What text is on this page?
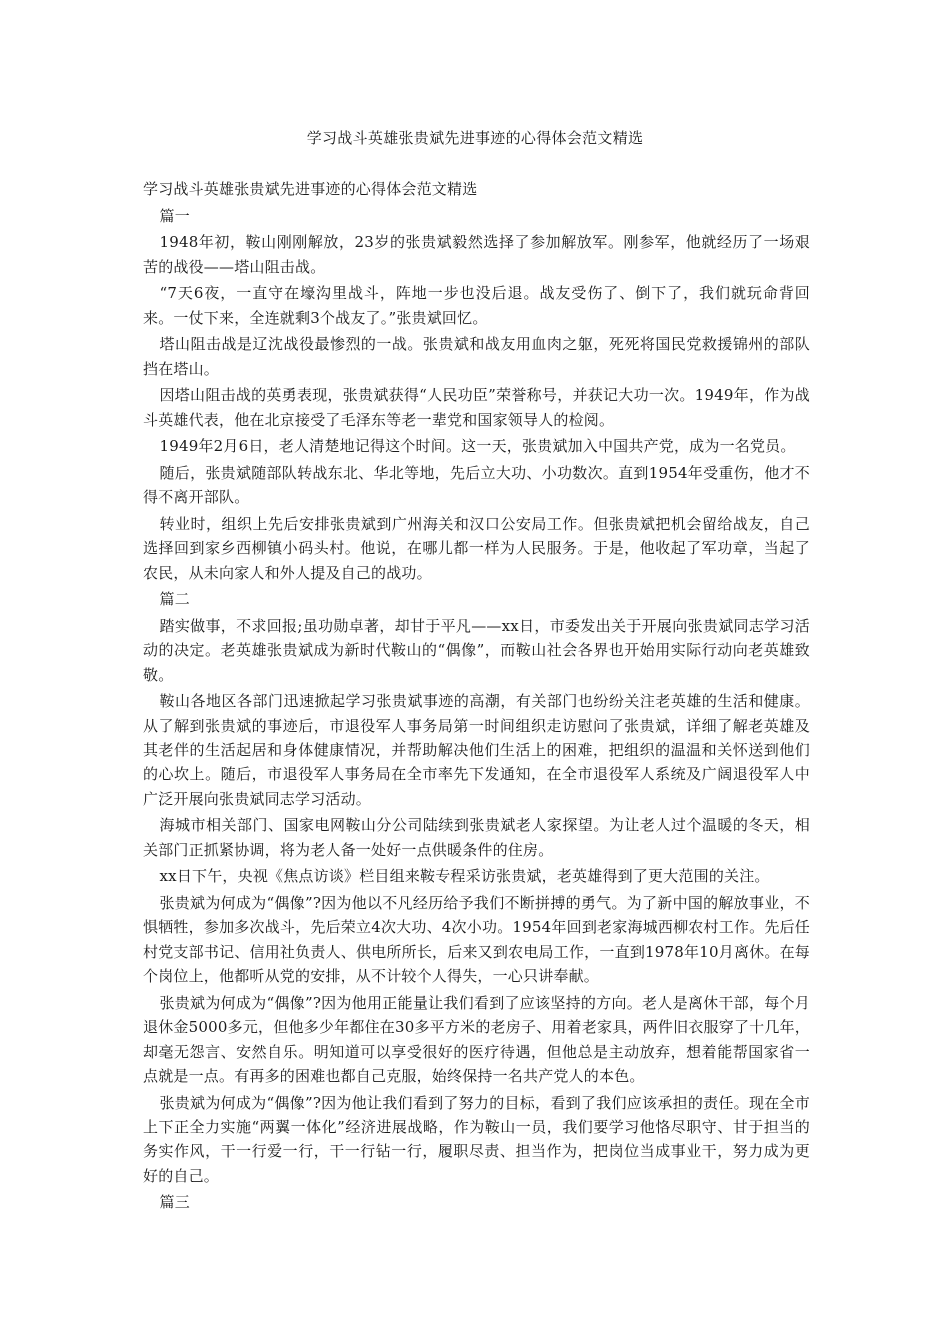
学习战斗英雄张贵斌先进事迹的心得体会范文精选

学习战斗英雄张贵斌先进事迹的心得体会范文精选

篇一

1948年初，鞍山刚刚解放，23岁的张贵斌毅然选择了参加解放军。刚参军，他就经历了一场艰苦的战役——塔山阻击战。

“7天6夜，一直守在壕沟里战斗，阵地一步也没后退。战友受伤了、倒下了，我们就玩命背回来。一仗下来，全连就剩3个战友了。”张贵斌回忆。

塔山阻击战是辽沈战役最惨烈的一战。张贵斌和战友用血肉之躯，死死将国民党救援锦州的部队挡在塔山。

因塔山阻击战的英勇表现，张贵斌获得“人民功臣”荣誉称号，并获记大功一次。1949年，作为战斗英雄代表，他在北京接受了毛泽东等老一辈党和国家领导人的检阅。

1949年2月6日，老人清楚地记得这个时间。这一天，张贵斌加入中国共产党，成为一名党员。

随后，张贵斌随部队转战东北、华北等地，先后立大功、小功数次。直到1954年受重伤，他才不得不离开部队。

转业时，组织上先后安排张贵斌到广州海关和汉口公安局工作。但张贵斌把机会留给战友，自己选择回到家乡西柳镇小码头村。他说，在哪儿都一样为人民服务。于是，他收起了军功章，当起了农民，从未向家人和外人提及自己的战功。

篇二

踏实做事，不求回报;虽功勋卓著，却甘于平凡——xx日，市委发出关于开展向张贵斌同志学习活动的决定。老英雄张贵斌成为新时代鞍山的“偶像”，而鞍山社会各界也开始用实际行动向老英雄致敬。

鞍山各地区各部门迅速掀起学习张贵斌事迹的高潮，有关部门也纷纷关注老英雄的生活和健康。从了解到张贵斌的事迹后，市退役军人事务局第一时间组织走访慰问了张贵斌，详细了解老英雄及其老伴的生活起居和身体健康情况，并帮助解决他们生活上的困难，把组织的温温和关怀送到他们的心坎上。随后，市退役军人事务局在全市率先下发通知，在全市退役军人系统及广阔退役军人中广泛开展向张贵斌同志学习活动。

海城市相关部门、国家电网鞍山分公司陆续到张贵斌老人家探望。为让老人过个温暖的冬天，相关部门正抓紧协调，将为老人备一处好一点供暖条件的住房。

xx日下午，央视《焦点访谈》栏目组来鞍专程采访张贵斌，老英雄得到了更大范围的关注。

张贵斌为何成为“偶像”?因为他以不凡经历给予我们不断拼搏的勇气。为了新中国的解放事业，不惧牺牲，参加多次战斗，先后荣立4次大功、4次小功。1954年回到老家海城西柳农村工作。先后任村党支部书记、信用社负责人、供电所所长，后来又到农电局工作，一直到1978年10月离休。在每个岗位上，他都听从党的安排，从不计较个人得失，一心只讲奉献。

张贵斌为何成为“偶像”?因为他用正能量让我们看到了应该坚持的方向。老人是离休干部，每个月退休金5000多元，但他多少年都住在30多平方米的老房子、用着老家具，两件旧衣服穿了十几年，却毫无怨言、安然自乐。明知道可以享受很好的医疗待遇，但他总是主动放弃，想着能帮国家省一点就是一点。有再多的困难也都自己克服，始终保持一名共产党人的本色。

张贵斌为何成为“偶像”?因为他让我们看到了努力的目标，看到了我们应该承担的责任。现在全市上下正全力实施“两翼一体化”经济进展战略，作为鞍山一员，我们要学习他恪尽职守、甘于担当的务实作风，干一行爱一行，干一行钻一行，履职尽责、担当作为，把岗位当成事业干，努力成为更好的自己。

篇三
